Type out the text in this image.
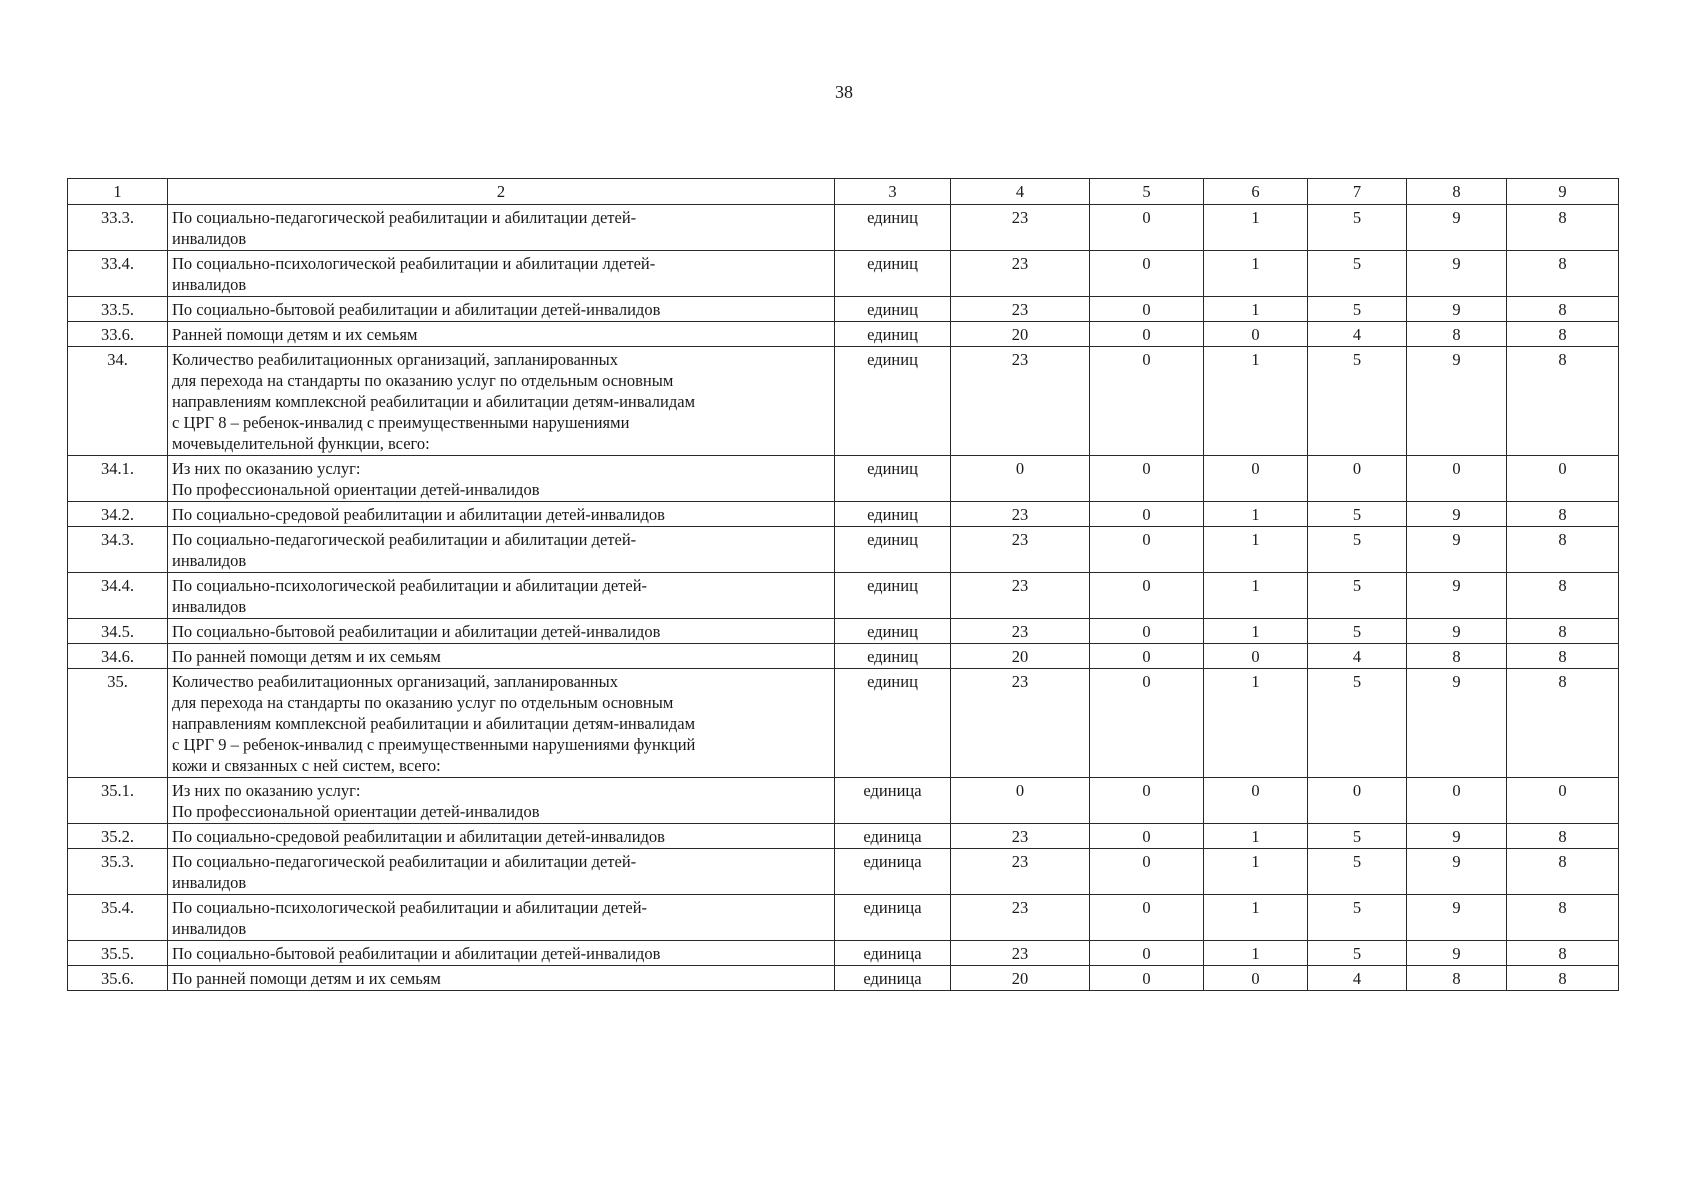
38
1	2	3	4	5	6	7	8	9
33.3.	По социально-педагогической реабилитации и абилитации детей-
инвалидов	единиц	23	0	1	5	9	8
33.4.	По социально-психологической реабилитации и абилитации лдетей-
инвалидов	единиц	23	0	1	5	9	8
33.5.	По социально-бытовой реабилитации и абилитации детей-инвалидов	единиц	23	0	1	5	9	8
33.6.	Ранней помощи детям и их семьям	единиц	20	0	0	4	8	8
34.	Количество реабилитационных организаций, запланированных
для перехода на стандарты по оказанию услуг по отдельным основным
направлениям комплексной реабилитации и абилитации детям-инвалидам
с ЦРГ 8 – ребенок-инвалид с преимущественными нарушениями
мочевыделительной функции, всего:	единиц	23	0	1	5	9	8
34.1.	Из них по оказанию услуг:
По профессиональной ориентации детей-инвалидов	единиц	0	0	0	0	0	0
34.2.	По социально-средовой реабилитации и абилитации детей-инвалидов	единиц	23	0	1	5	9	8
34.3.	По социально-педагогической реабилитации и абилитации детей-
инвалидов	единиц	23	0	1	5	9	8
34.4.	По социально-психологической реабилитации и абилитации детей-
инвалидов	единиц	23	0	1	5	9	8
34.5.	По социально-бытовой реабилитации и абилитации детей-инвалидов	единиц	23	0	1	5	9	8
34.6.	По ранней помощи детям и их семьям	единиц	20	0	0	4	8	8
35.	Количество реабилитационных организаций, запланированных
для перехода на стандарты по оказанию услуг по отдельным основным
направлениям комплексной реабилитации и абилитации детям-инвалидам
с ЦРГ 9 – ребенок-инвалид с преимущественными нарушениями функций
кожи и связанных с ней систем, всего:	единиц	23	0	1	5	9	8
35.1.	Из них по оказанию услуг:
По профессиональной ориентации детей-инвалидов	единица	0	0	0	0	0	0
35.2.	По социально-средовой реабилитации и абилитации детей-инвалидов	единица	23	0	1	5	9	8
35.3.	По социально-педагогической реабилитации и абилитации детей-
инвалидов	единица	23	0	1	5	9	8
35.4.	По социально-психологической реабилитации и абилитации детей-
инвалидов	единица	23	0	1	5	9	8
35.5.	По социально-бытовой реабилитации и абилитации детей-инвалидов	единица	23	0	1	5	9	8
35.6.	По ранней помощи детям и их семьям	единица	20	0	0	4	8	8
